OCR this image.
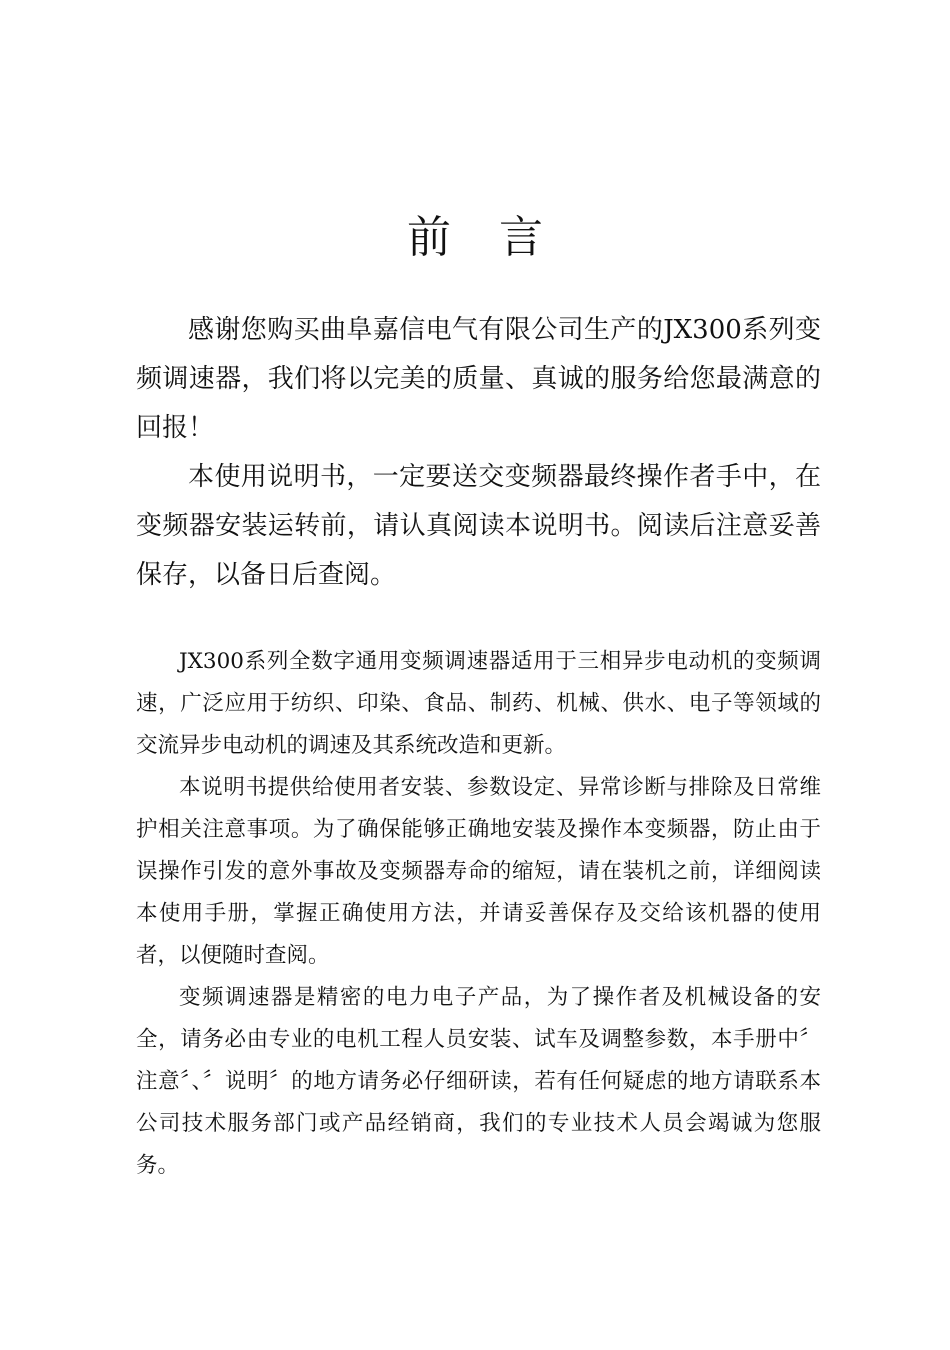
前言

感谢您购买曲阜嘉信电气有限公司生产的JX300系列变频调速器，我们将以完美的质量、真诚的服务给您最满意的回报！

本使用说明书，一定要送交变频器最终操作者手中，在变频器安装运转前，请认真阅读本说明书。阅读后注意妥善保存，以备日后查阅。

JX300系列全数字通用变频调速器适用于三相异步电动机的变频调速，广泛应用于纺织、印染、食品、制药、机械、供水、电子等领域的交流异步电动机的调速及其系统改造和更新。

本说明书提供给使用者安装、参数设定、异常诊断与排除及日常维护相关注意事项。为了确保能够正确地安装及操作本变频器，防止由于误操作引发的意外事故及变频器寿命的缩短，请在装机之前，详细阅读本使用手册，掌握正确使用方法，并请妥善保存及交给该机器的使用者，以便随时查阅。

变频调速器是精密的电力电子产品，为了操作者及机械设备的安全，请务必由专业的电机工程人员安装、试车及调整参数，本手册中〞注意〞、〞说明〞的地方请务必仔细研读，若有任何疑虑的地方请联系本公司技术服务部门或产品经销商，我们的专业技术人员会竭诚为您服务。
